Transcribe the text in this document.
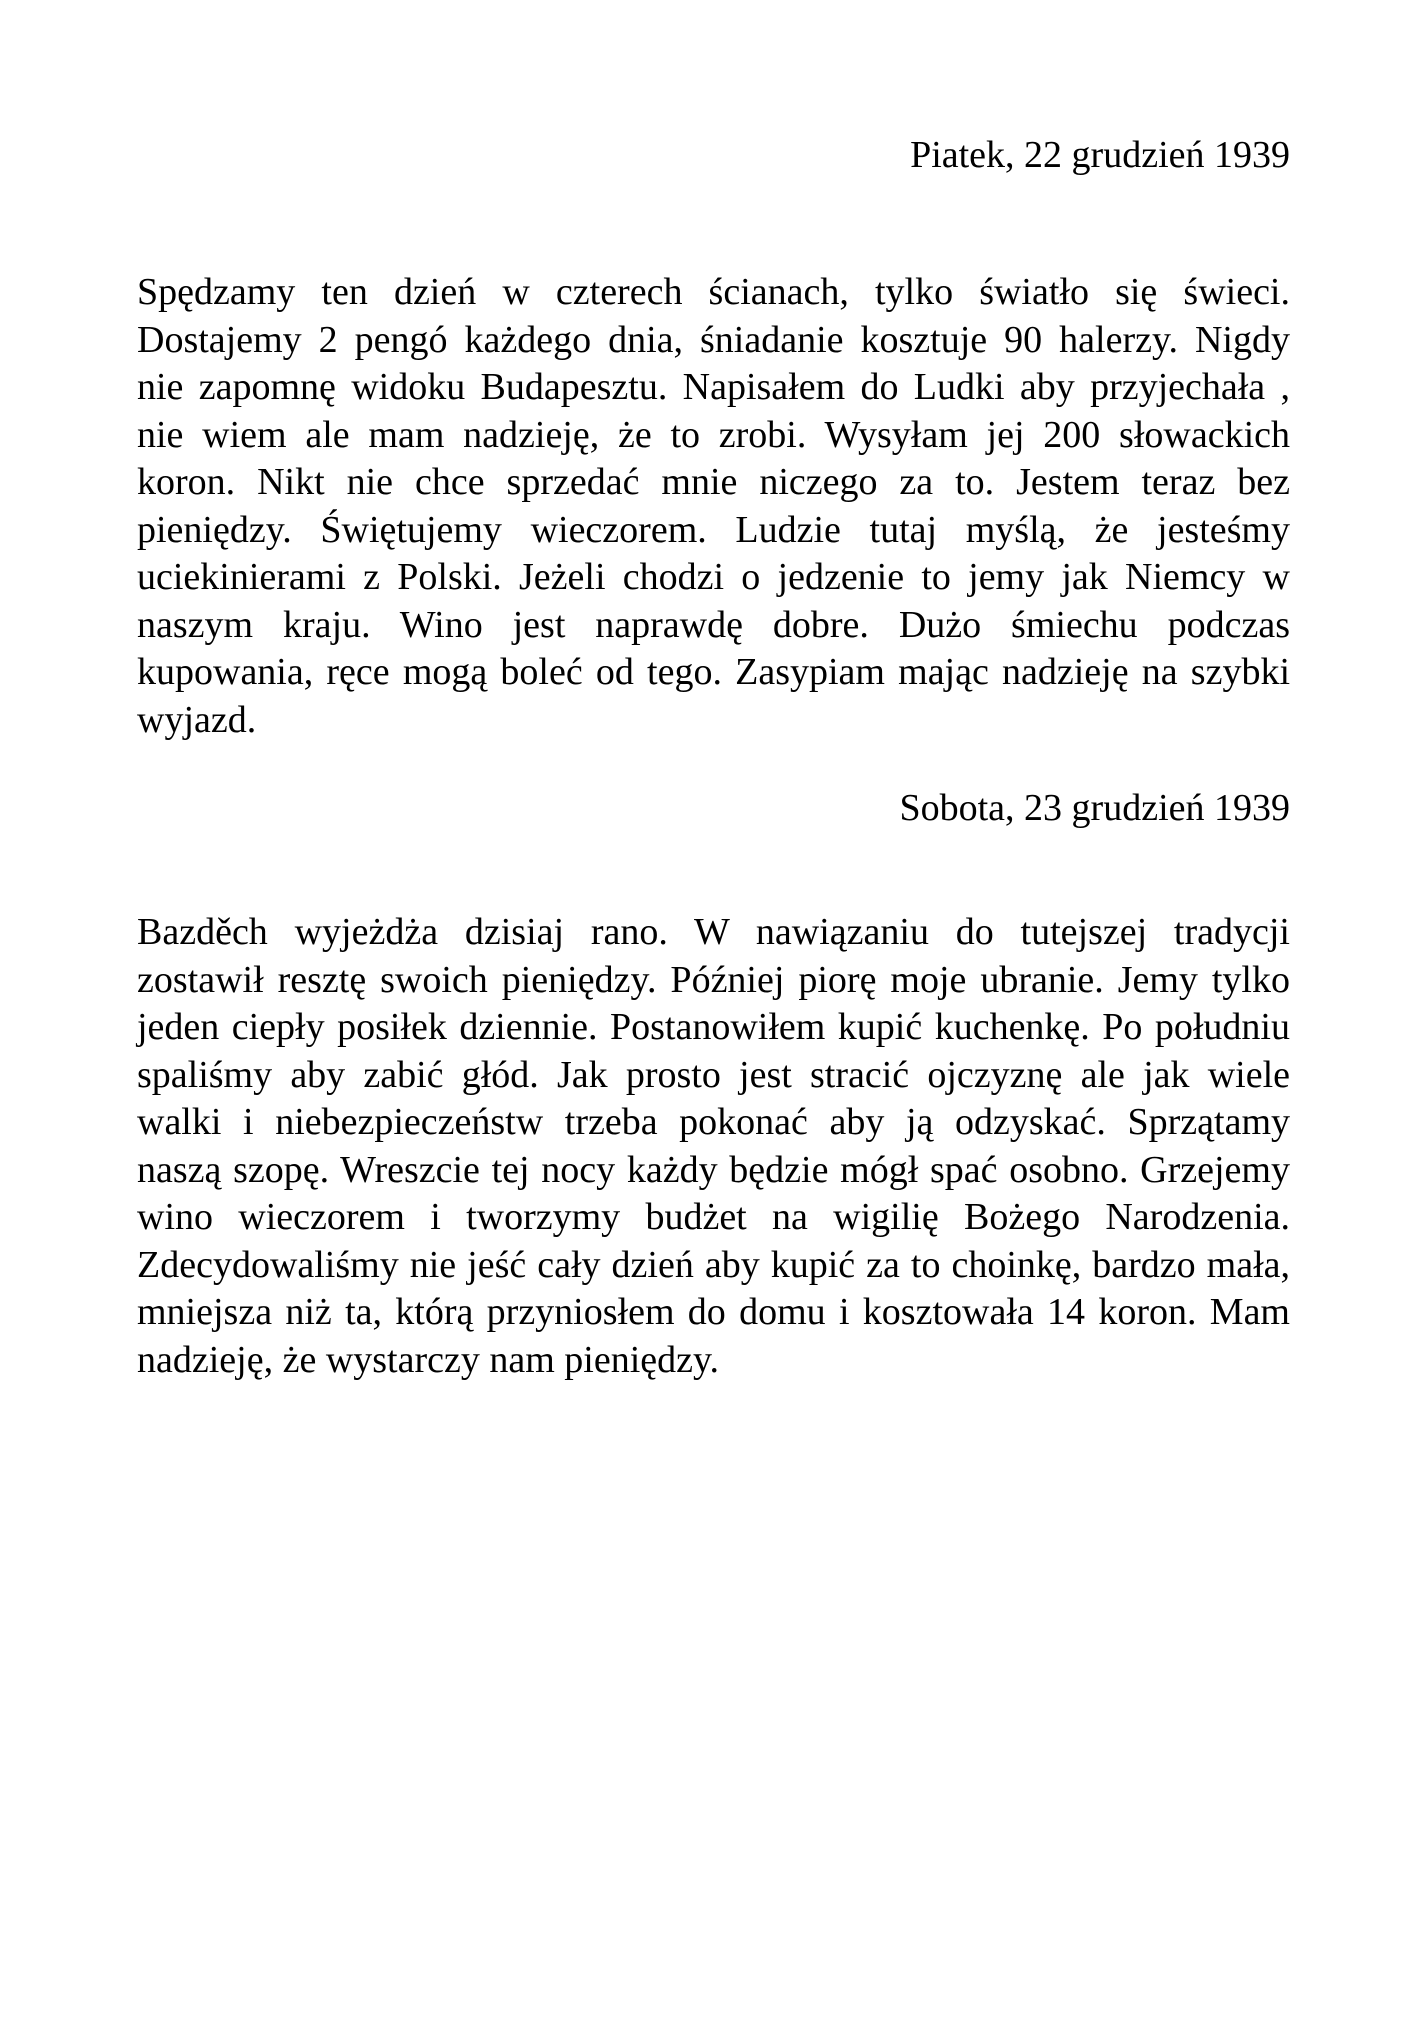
Piatek, 22 grudzień 1939
Spędzamy ten dzień w czterech ścianach, tylko światło się świeci.
Dostajemy 2 pengó każdego dnia, śniadanie kosztuje 90 halerzy. Nigdy
nie zapomnę widoku Budapesztu. Napisałem do Ludki aby przyjechała ,
nie wiem ale mam nadzieję, że to zrobi. Wysyłam jej 200 słowackich
koron. Nikt nie chce sprzedać mnie niczego za to. Jestem teraz bez
pieniędzy. Świętujemy wieczorem. Ludzie tutaj myślą, że jesteśmy
uciekinierami z Polski. Jeżeli chodzi o jedzenie to jemy jak Niemcy w
naszym kraju. Wino jest naprawdę dobre. Dużo śmiechu podczas
kupowania, ręce mogą boleć od tego. Zasypiam mając nadzieję na szybki
wyjazd.
Sobota, 23 grudzień 1939
Bazděch wyjeżdża dzisiaj rano. W nawiązaniu do tutejszej tradycji
zostawił resztę swoich pieniędzy. Później piorę moje ubranie. Jemy tylko
jeden ciepły posiłek dziennie. Postanowiłem kupić kuchenkę. Po południu
spaliśmy aby zabić głód. Jak prosto jest stracić ojczyznę ale jak wiele
walki i niebezpieczeństw trzeba pokonać aby ją odzyskać. Sprzątamy
naszą szopę. Wreszcie tej nocy każdy będzie mógł spać osobno. Grzejemy
wino wieczorem i tworzymy budżet na wigilię Bożego Narodzenia.
Zdecydowaliśmy nie jeść cały dzień aby kupić za to choinkę, bardzo mała,
mniejsza niż ta, którą przyniosłem do domu i kosztowała 14 koron. Mam
nadzieję, że wystarczy nam pieniędzy.
